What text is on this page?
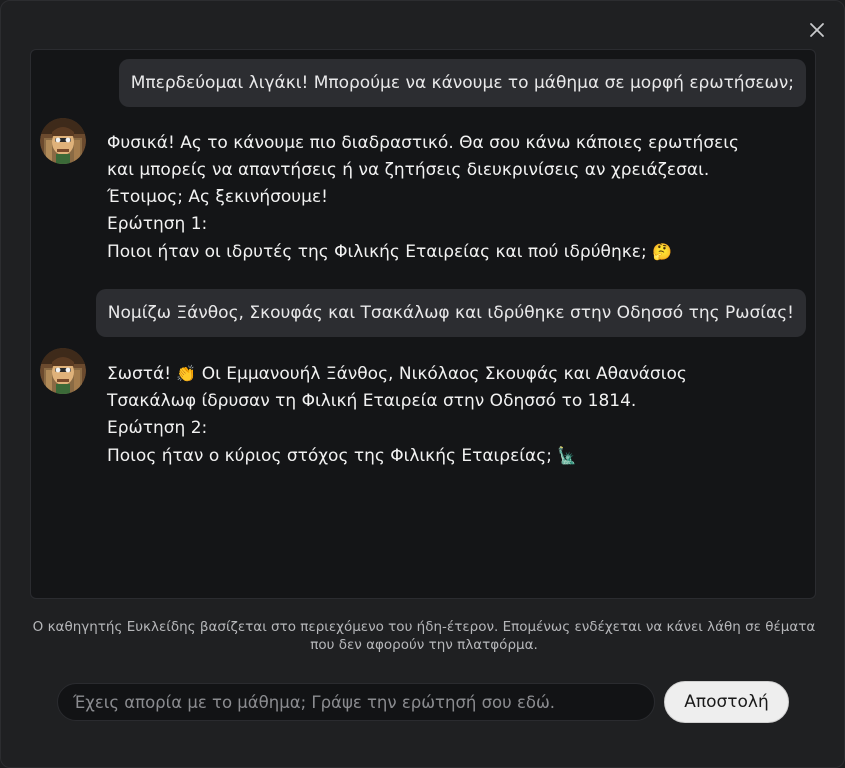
Μπερδεύομαι λιγάκι! Μπορούμε να κάνουμε το μάθημα σε μορφή ερωτήσεων;
Φυσικά! Ας το κάνουμε πιο διαδραστικό. Θα σου κάνω κάποιες ερωτήσεις
και μπορείς να απαντήσεις ή να ζητήσεις διευκρινίσεις αν χρειάζεσαι.
Έτοιμος; Ας ξεκινήσουμε!
Ερώτηση 1:
Ποιοι ήταν οι ιδρυτές της Φιλικής Εταιρείας και πού ιδρύθηκε; 🤔
Νομίζω Ξάνθος, Σκουφάς και Τσακάλωφ και ιδρύθηκε στην Οδησσό της Ρωσίας!
Σωστά! 👏 Οι Εμμανουήλ Ξάνθος, Νικόλαος Σκουφάς και Αθανάσιος
Τσακάλωφ ίδρυσαν τη Φιλική Εταιρεία στην Οδησσό το 1814.
Ερώτηση 2:
Ποιος ήταν ο κύριος στόχος της Φιλικής Εταιρείας; 🗽
Ο καθηγητής Ευκλείδης βασίζεται στο περιεχόμενο του ήδη-έτερον. Επομένως ενδέχεται να κάνει λάθη σε θέματα
που δεν αφορούν την πλατφόρμα.
Έχεις απορία με το μάθημα; Γράψε την ερώτησή σου εδώ.
Αποστολή
